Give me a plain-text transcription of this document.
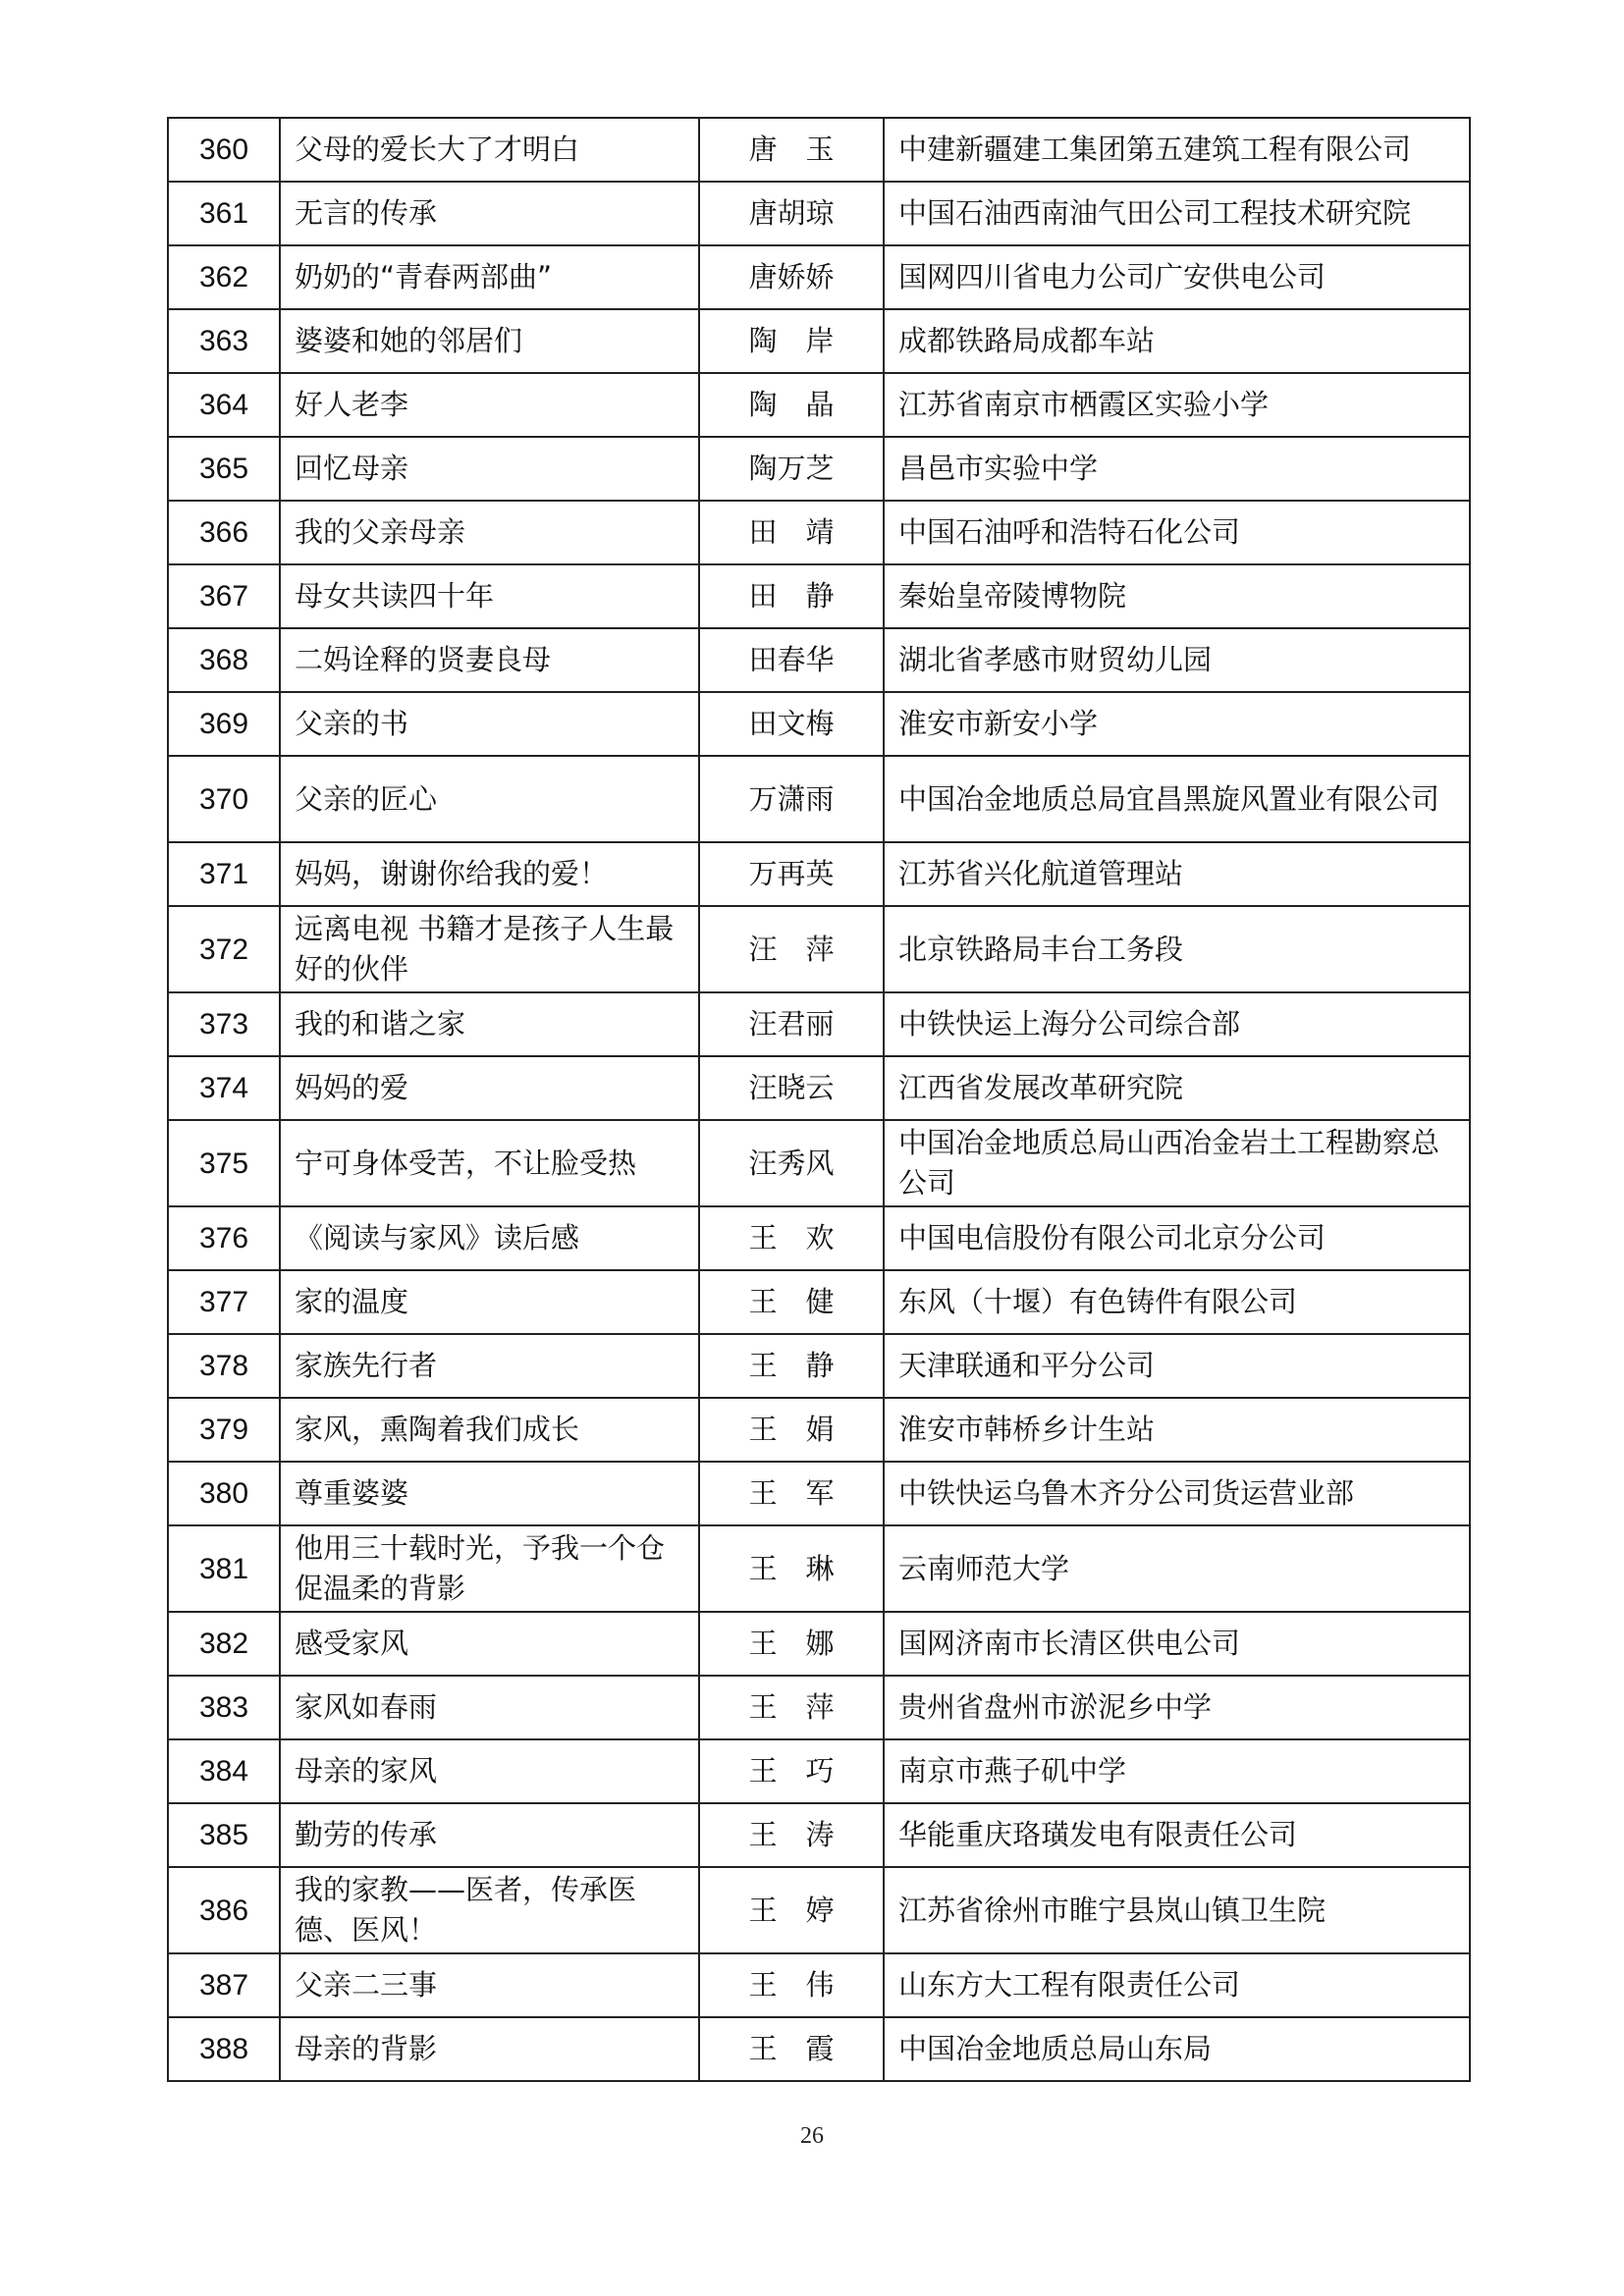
360	父母的爱长大了才明白	唐　玉	中建新疆建工集团第五建筑工程有限公司
361	无言的传承	唐胡琼	中国石油西南油气田公司工程技术研究院
362	奶奶的“青春两部曲”	唐娇娇	国网四川省电力公司广安供电公司
363	婆婆和她的邻居们	陶　岸	成都铁路局成都车站
364	好人老李	陶　晶	江苏省南京市栖霞区实验小学
365	回忆母亲	陶万芝	昌邑市实验中学
366	我的父亲母亲	田　靖	中国石油呼和浩特石化公司
367	母女共读四十年	田　静	秦始皇帝陵博物院
368	二妈诠释的贤妻良母	田春华	湖北省孝感市财贸幼儿园
369	父亲的书	田文梅	淮安市新安小学
370	父亲的匠心	万潇雨	中国冶金地质总局宜昌黑旋风置业有限公司
371	妈妈，谢谢你给我的爱！	万再英	江苏省兴化航道管理站
372	远离电视 书籍才是孩子人生最好的伙伴	汪　萍	北京铁路局丰台工务段
373	我的和谐之家	汪君丽	中铁快运上海分公司综合部
374	妈妈的爱	汪晓云	江西省发展改革研究院
375	宁可身体受苦，不让脸受热	汪秀风	中国冶金地质总局山西冶金岩土工程勘察总公司
376	《阅读与家风》读后感	王　欢	中国电信股份有限公司北京分公司
377	家的温度	王　健	东风（十堰）有色铸件有限公司
378	家族先行者	王　静	天津联通和平分公司
379	家风，熏陶着我们成长	王　娟	淮安市韩桥乡计生站
380	尊重婆婆	王　军	中铁快运乌鲁木齐分公司货运营业部
381	他用三十载时光，予我一个仓促温柔的背影	王　琳	云南师范大学
382	感受家风	王　娜	国网济南市长清区供电公司
383	家风如春雨	王　萍	贵州省盘州市淤泥乡中学
384	母亲的家风	王　巧	南京市燕子矶中学
385	勤劳的传承	王　涛	华能重庆珞璜发电有限责任公司
386	我的家教——医者，传承医德、医风！	王　婷	江苏省徐州市睢宁县岚山镇卫生院
387	父亲二三事	王　伟	山东方大工程有限责任公司
388	母亲的背影	王　霞	中国冶金地质总局山东局
26
